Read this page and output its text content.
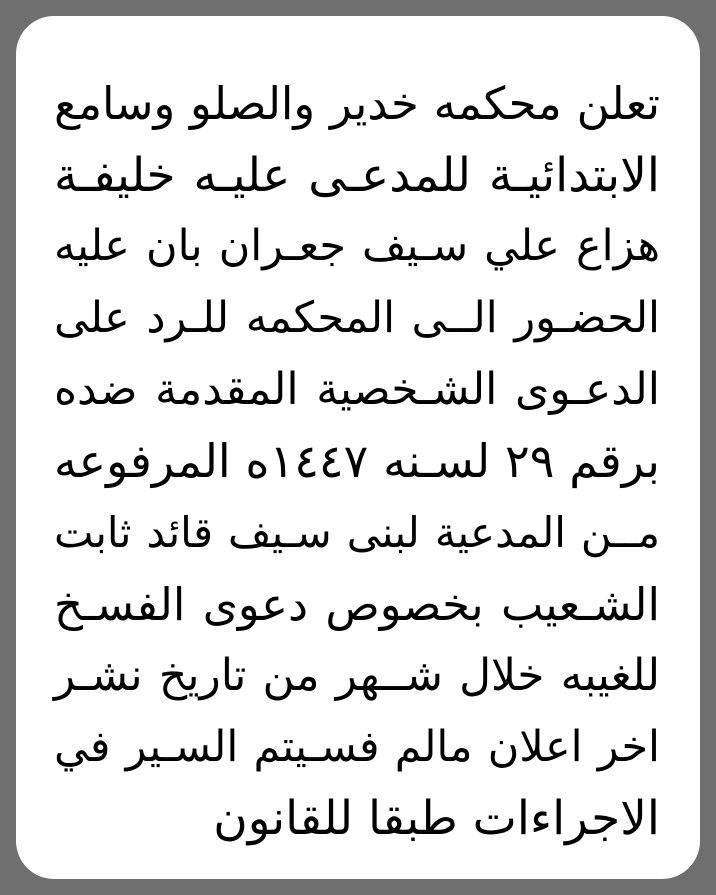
تعلن محكمه خدير والصلو وسامع
الابتدائيـة للمدعـى عليـه خليفـة
هزاع علي سـيف جعـران بان عليه
الحضـور الــى المحكمه للـرد على
الدعـوى الشـخصية المقدمة ضده
برقم ٢٩ لسـنه ١٤٤٧ه المرفوعه
مــن المدعية لبنى سـيف قائد ثابت
الشـعيب بخصوص دعوى الفسـخ
للغيبه خلال شــهر من تاريخ نشـر
اخر اعلان مالم فسـيتم السـير في
الاجراءات طبقا للقانون
